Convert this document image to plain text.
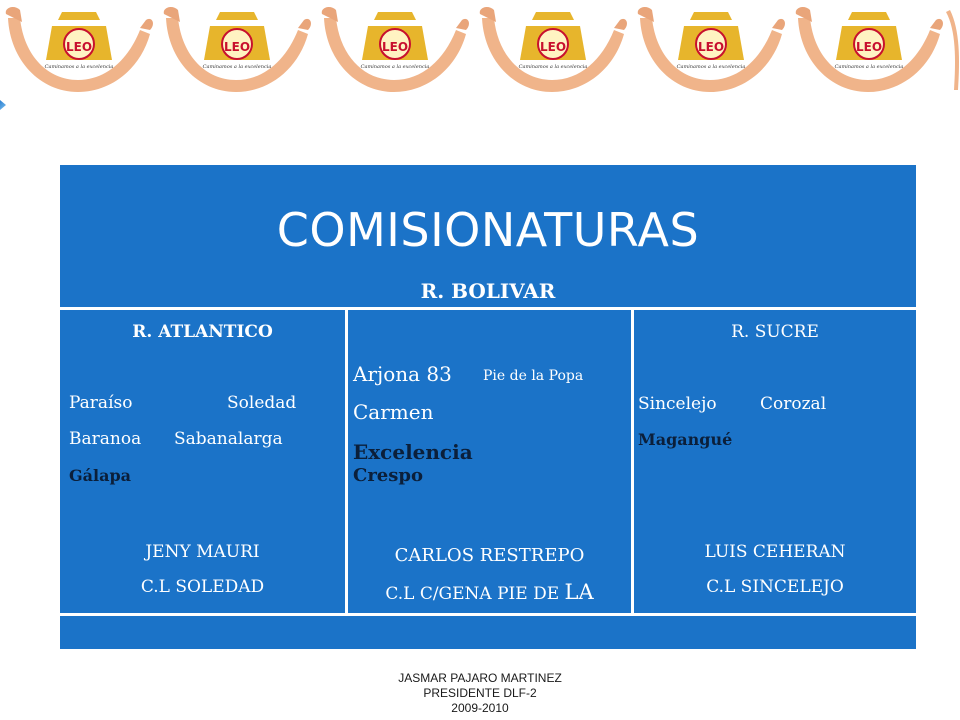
LEO
Caminamos a la excelencia
LEO
Caminamos a la excelencia
LEO
Caminamos a la excelencia
LEO
Caminamos a la excelencia
LEO
Caminamos a la excelencia
LEO
Caminamos a la excelencia
COMISIONATURAS
R. BOLIVAR
R. ATLANTICO
Paraíso	Soledad
Baranoa Sabanalarga
Gálapa
JENY MAURI
C.L SOLEDAD
Arjona 83 Pie de la Popa
Carmen
Excelencia
Crespo
CARLOS RESTREPO
C.L C/GENA PIE DE LA
R. SUCRE
Sincelejo	Corozal
Magangué
LUIS CEHERAN
C.L SINCELEJO
JASMAR PAJARO MARTINEZ
PRESIDENTE DLF-2
2009-2010
